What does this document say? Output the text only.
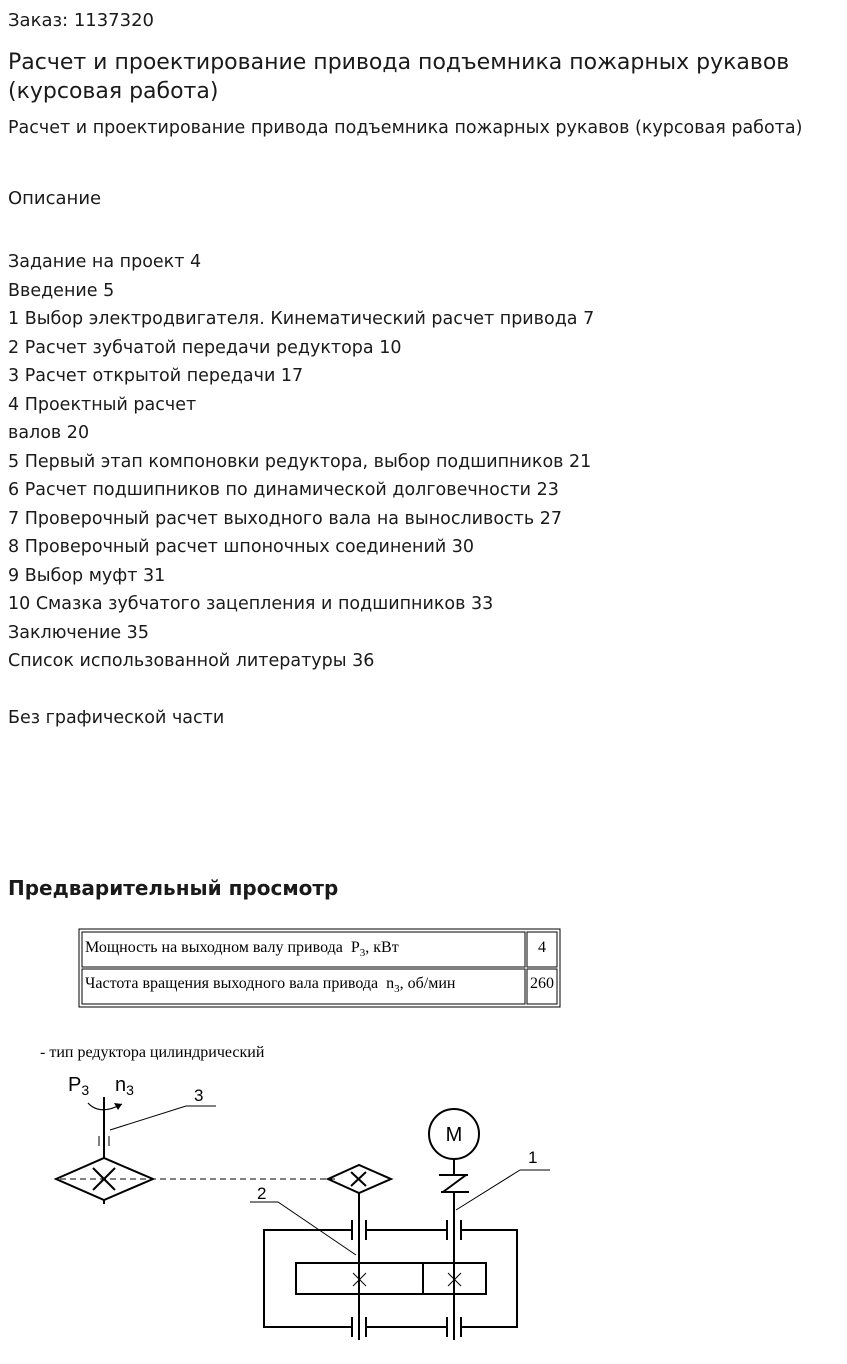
Заказ: 1137320
Расчет и проектирование привода подъемника пожарных рукавов (курсовая работа)
Расчет и проектирование привода подъемника пожарных рукавов (курсовая работа)
Описание
Задание на проект 4
Введение 5
1 Выбор электродвигателя. Кинематический расчет привода 7
2 Расчет зубчатой передачи редуктора 10
3 Расчет открытой передачи 17
4 Проектный расчет
валов 20
5 Первый этап компоновки редуктора, выбор подшипников 21
6 Расчет подшипников по динамической долговечности 23
7 Проверочный расчет выходного вала на выносливость 27
8 Проверочный расчет шпоночных соединений 30
9 Выбор муфт 31
10 Смазка зубчатого зацепления и подшипников 33
Заключение 35
Список использованной литературы 36
Без графической части
Предварительный просмотр
Мощность на выходном валу привода $P_3$, кВт	4
Частота вращения выходного вала привода $n_3$, об/мин	260
- тип редуктора цилиндрический
$P_3$ $n_3$	3
1
2
M
